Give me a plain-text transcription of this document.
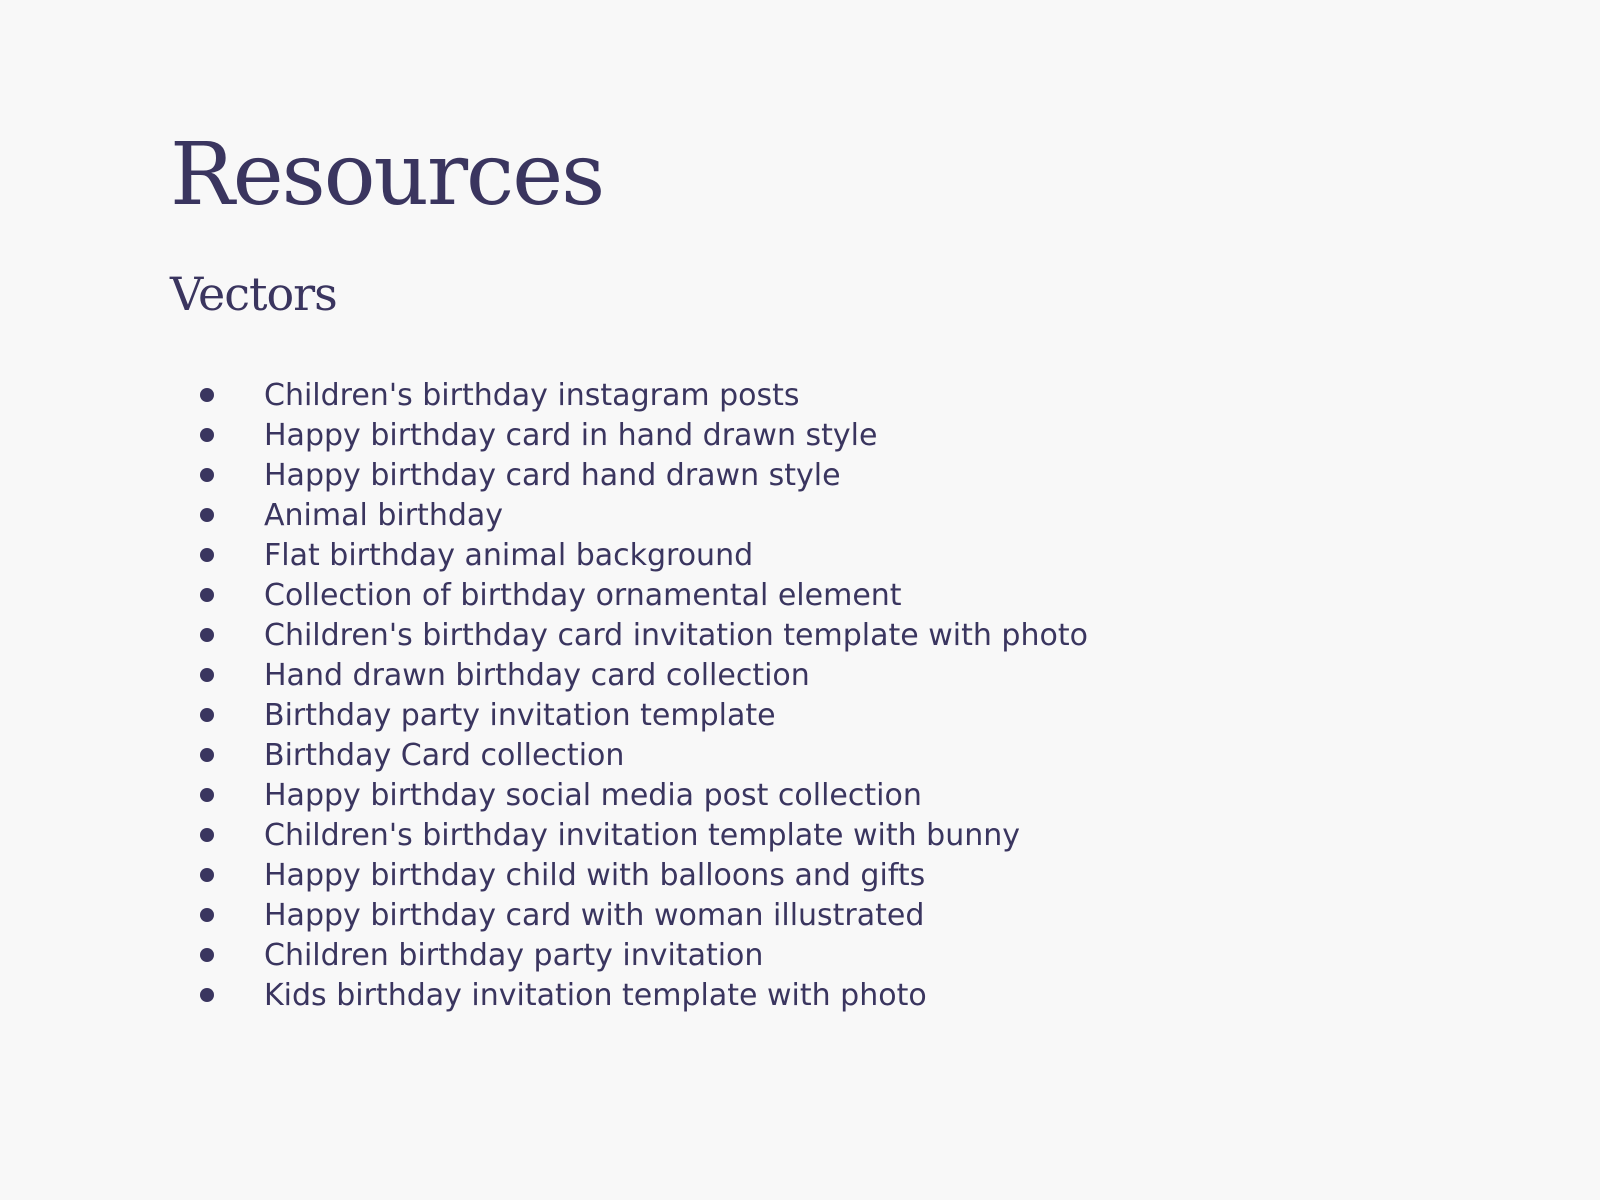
Resources
Vectors
Children's birthday instagram posts
Happy birthday card in hand drawn style
Happy birthday card hand drawn style
Animal birthday
Flat birthday animal background
Collection of birthday ornamental element
Children's birthday card invitation template with photo
Hand drawn birthday card collection
Birthday party invitation template
Birthday Card collection
Happy birthday social media post collection
Children's birthday invitation template with bunny
Happy birthday child with balloons and gifts
Happy birthday card with woman illustrated
Children birthday party invitation
Kids birthday invitation template with photo
